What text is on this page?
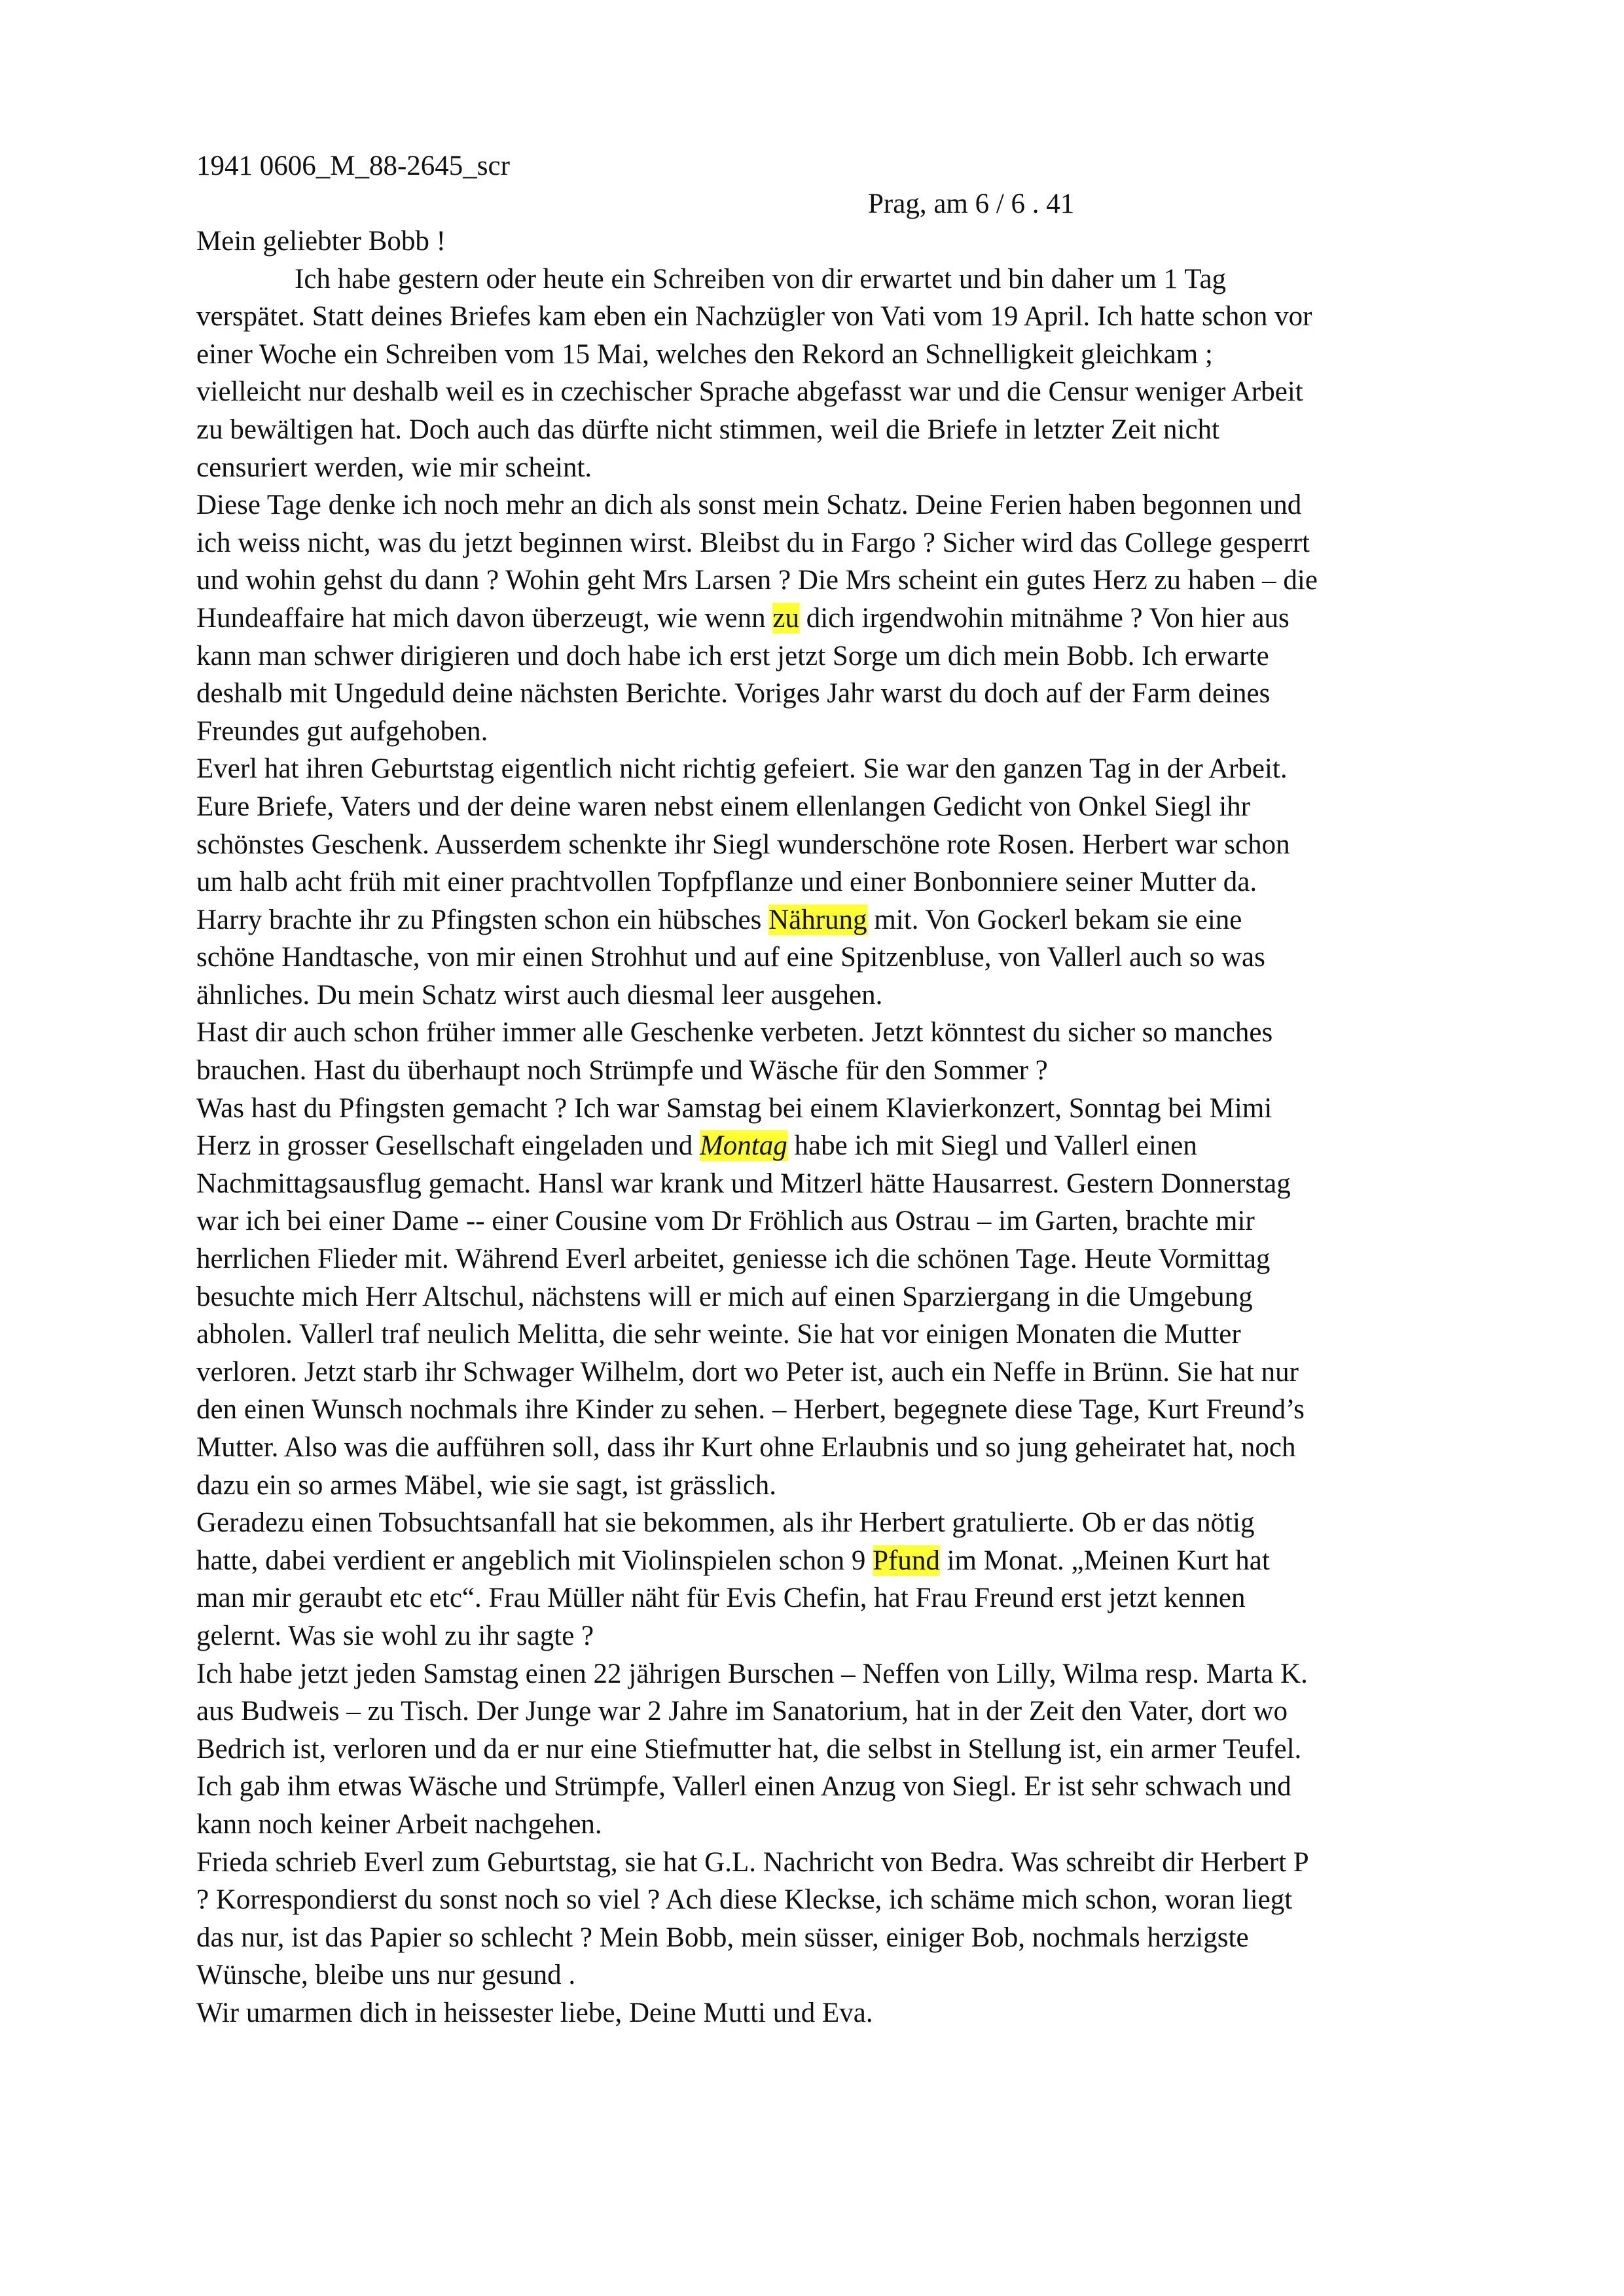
1941 0606_M_88-2645_scr
Prag, am 6 / 6 . 41
Mein geliebter Bobb !
Ich habe gestern oder heute ein Schreiben von dir erwartet und bin daher um 1 Tag
verspätet. Statt deines Briefes kam eben ein Nachzügler von Vati vom 19 April. Ich hatte schon vor
einer Woche ein Schreiben vom 15 Mai, welches den Rekord an Schnelligkeit gleichkam ;
vielleicht nur deshalb weil es in czechischer Sprache abgefasst war und die Censur weniger Arbeit
zu bewältigen hat. Doch auch das dürfte nicht stimmen, weil die Briefe in letzter Zeit nicht
censuriert werden, wie mir scheint.
Diese Tage denke ich noch mehr an dich als sonst mein Schatz. Deine Ferien haben begonnen und
ich weiss nicht, was du jetzt beginnen wirst. Bleibst du in Fargo ? Sicher wird das College gesperrt
und wohin gehst du dann ? Wohin geht Mrs Larsen ? Die Mrs scheint ein gutes Herz zu haben – die
Hundeaffaire hat mich davon überzeugt, wie wenn zu dich irgendwohin mitnähme ? Von hier aus
kann man schwer dirigieren und doch habe ich erst jetzt Sorge um dich mein Bobb. Ich erwarte
deshalb mit Ungeduld deine nächsten Berichte. Voriges Jahr warst du doch auf der Farm deines
Freundes gut aufgehoben.
Everl hat ihren Geburtstag eigentlich nicht richtig gefeiert. Sie war den ganzen Tag in der Arbeit.
Eure Briefe, Vaters und der deine waren nebst einem ellenlangen Gedicht von Onkel Siegl ihr
schönstes Geschenk. Ausserdem schenkte ihr Siegl wunderschöne rote Rosen. Herbert war schon
um halb acht früh mit einer prachtvollen Topfpflanze und einer Bonbonniere seiner Mutter da.
Harry brachte ihr zu Pfingsten schon ein hübsches Nährung mit. Von Gockerl bekam sie eine
schöne Handtasche, von mir einen Strohhut und auf eine Spitzenbluse, von Vallerl auch so was
ähnliches. Du mein Schatz wirst auch diesmal leer ausgehen.
Hast dir auch schon früher immer alle Geschenke verbeten. Jetzt könntest du sicher so manches
brauchen. Hast du überhaupt noch Strümpfe und Wäsche für den Sommer ?
Was hast du Pfingsten gemacht ? Ich war Samstag bei einem Klavierkonzert, Sonntag bei Mimi
Herz in grosser Gesellschaft eingeladen und Montag habe ich mit Siegl und Vallerl einen
Nachmittagsausflug gemacht. Hansl war krank und Mitzerl hätte Hausarrest. Gestern Donnerstag
war ich bei einer Dame -- einer Cousine vom Dr Fröhlich aus Ostrau – im Garten, brachte mir
herrlichen Flieder mit. Während Everl arbeitet, geniesse ich die schönen Tage. Heute Vormittag
besuchte mich Herr Altschul, nächstens will er mich auf einen Sparziergang in die Umgebung
abholen. Vallerl traf neulich Melitta, die sehr weinte. Sie hat vor einigen Monaten die Mutter
verloren. Jetzt starb ihr Schwager Wilhelm, dort wo Peter ist, auch ein Neffe in Brünn. Sie hat nur
den einen Wunsch nochmals ihre Kinder zu sehen. – Herbert, begegnete diese Tage, Kurt Freund’s
Mutter. Also was die aufführen soll, dass ihr Kurt ohne Erlaubnis und so jung geheiratet hat, noch
dazu ein so armes Mäbel, wie sie sagt, ist grässlich.
Geradezu einen Tobsuchtsanfall hat sie bekommen, als ihr Herbert gratulierte. Ob er das nötig
hatte, dabei verdient er angeblich mit Violinspielen schon 9 Pfund im Monat. „Meinen Kurt hat
man mir geraubt etc etc“. Frau Müller näht für Evis Chefin, hat Frau Freund erst jetzt kennen
gelernt. Was sie wohl zu ihr sagte ?
Ich habe jetzt jeden Samstag einen 22 jährigen Burschen – Neffen von Lilly, Wilma resp. Marta K.
aus Budweis – zu Tisch. Der Junge war 2 Jahre im Sanatorium, hat in der Zeit den Vater, dort wo
Bedrich ist, verloren und da er nur eine Stiefmutter hat, die selbst in Stellung ist, ein armer Teufel.
Ich gab ihm etwas Wäsche und Strümpfe, Vallerl einen Anzug von Siegl. Er ist sehr schwach und
kann noch keiner Arbeit nachgehen.
Frieda schrieb Everl zum Geburtstag, sie hat G.L. Nachricht von Bedra. Was schreibt dir Herbert P
? Korrespondierst du sonst noch so viel ? Ach diese Kleckse, ich schäme mich schon, woran liegt
das nur, ist das Papier so schlecht ? Mein Bobb, mein süsser, einiger Bob, nochmals herzigste
Wünsche, bleibe uns nur gesund .
Wir umarmen dich in heissester liebe, Deine Mutti und Eva.
